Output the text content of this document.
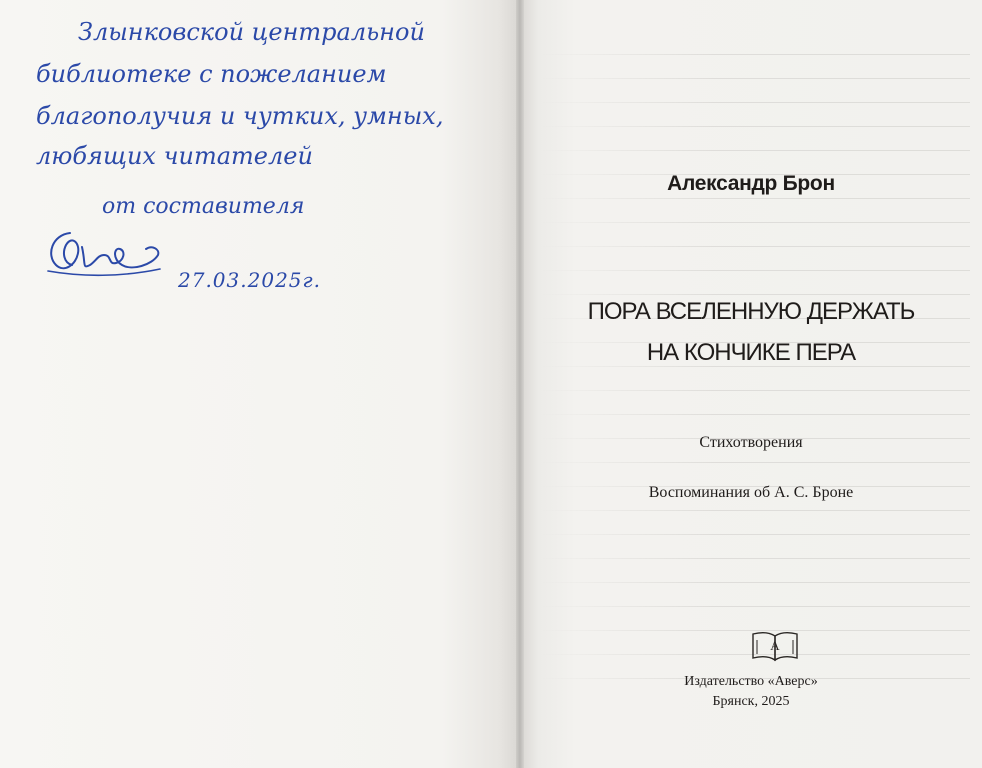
Злынковской центральной
библиотеке с пожеланием
благополучия и чутких, умных,
любящих читателей
от составителя
27.03.2025г.
Александр Брон
ПОРА ВСЕЛЕННУЮ ДЕРЖАТЬ
НА КОНЧИКЕ ПЕРА
Стихотворения
Воспоминания об А. С. Броне
А
Издательство «Аверс»
Брянск, 2025
